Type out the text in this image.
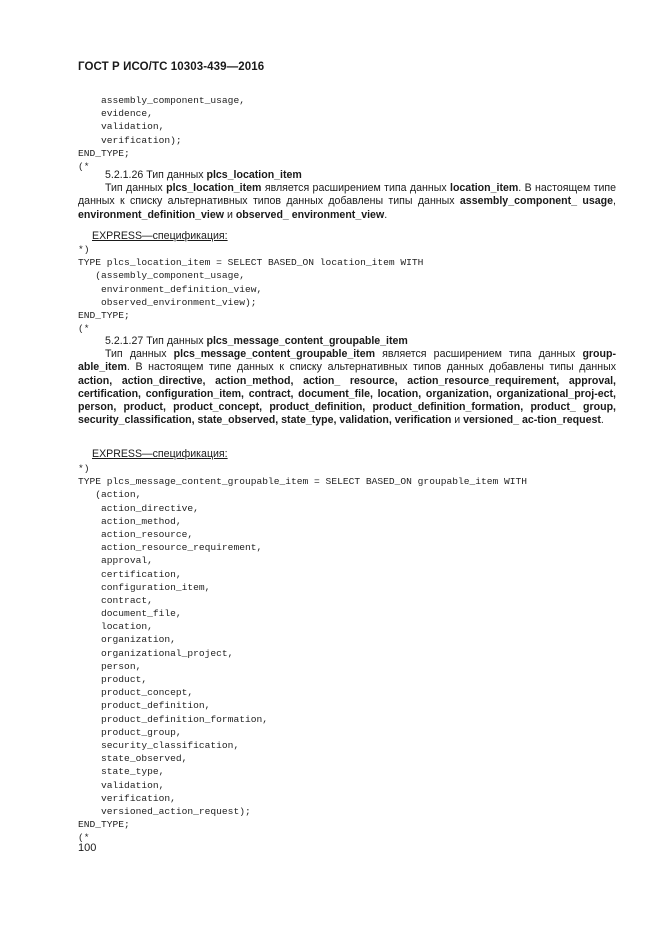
ГОСТ Р ИСО/ТС 10303-439—2016
assembly_component_usage,
evidence,
validation,
verification);
END_TYPE;
(*
5.2.1.26 Тип данных plcs_location_item
Тип данных plcs_location_item является расширением типа данных location_item. В настоящем типе данных к списку альтернативных типов данных добавлены типы данных assembly_component_ usage, environment_definition_view и observed_ environment_view.
EXPRESS—спецификация:
*)
TYPE plcs_location_item = SELECT BASED_ON location_item WITH
(assembly_component_usage,
environment_definition_view,
observed_environment_view);
END_TYPE;
(*
5.2.1.27 Тип данных plcs_message_content_groupable_item
Тип данных plcs_message_content_groupable_item является расширением типа данных group-able_item. В настоящем типе данных к списку альтернативных типов данных добавлены типы данных action, action_directive, action_method, action_ resource, action_resource_requirement, approval, certification, configuration_item, contract, document_file, location, organization, organizational_proj-ect, person, product, product_concept, product_definition, product_definition_formation, product_ group, security_classification, state_observed, state_type, validation, verification и versioned_ ac-tion_request.
EXPRESS—спецификация:
*)
TYPE plcs_message_content_groupable_item = SELECT BASED_ON groupable_item WITH
(action,
action_directive,
action_method,
action_resource,
action_resource_requirement,
approval,
certification,
configuration_item,
contract,
document_file,
location,
organization,
organizational_project,
person,
product,
product_concept,
product_definition,
product_definition_formation,
product_group,
security_classification,
state_observed,
state_type,
validation,
verification,
versioned_action_request);
END_TYPE;
(*
100
